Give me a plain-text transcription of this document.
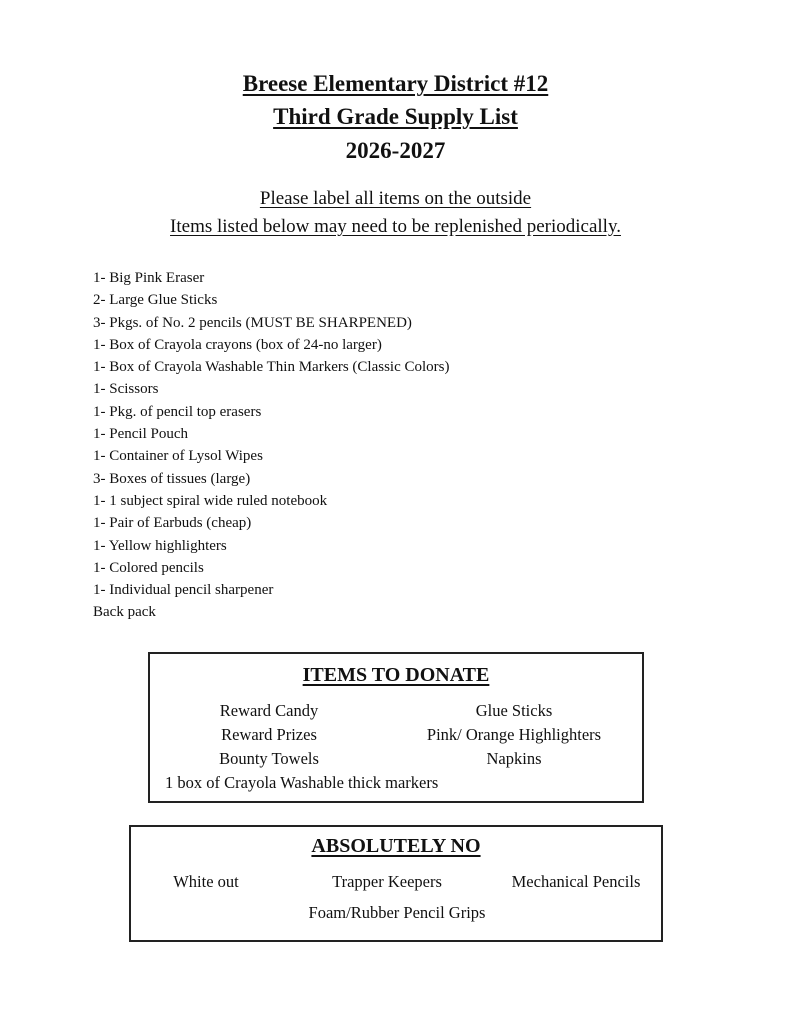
Breese Elementary District #12
Third Grade Supply List
2026-2027
Please label all items on the outside
Items listed below may need to be replenished periodically.
1- Big Pink Eraser
2- Large Glue Sticks
3- Pkgs. of No. 2 pencils (MUST BE SHARPENED)
1- Box of Crayola crayons (box of 24-no larger)
1- Box of Crayola Washable Thin Markers (Classic Colors)
1- Scissors
1- Pkg. of pencil top erasers
1- Pencil Pouch
1- Container of Lysol Wipes
3- Boxes of tissues (large)
1- 1 subject spiral wide ruled notebook
1- Pair of Earbuds (cheap)
1- Yellow highlighters
1- Colored pencils
1- Individual pencil sharpener
Back pack
ITEMS TO DONATE
Reward Candy
Reward Prizes
Bounty Towels
Glue Sticks
Pink/ Orange Highlighters
Napkins
1 box of Crayola Washable thick markers
ABSOLUTELY NO
White out	Trapper Keepers	Mechanical Pencils
Foam/Rubber Pencil Grips
